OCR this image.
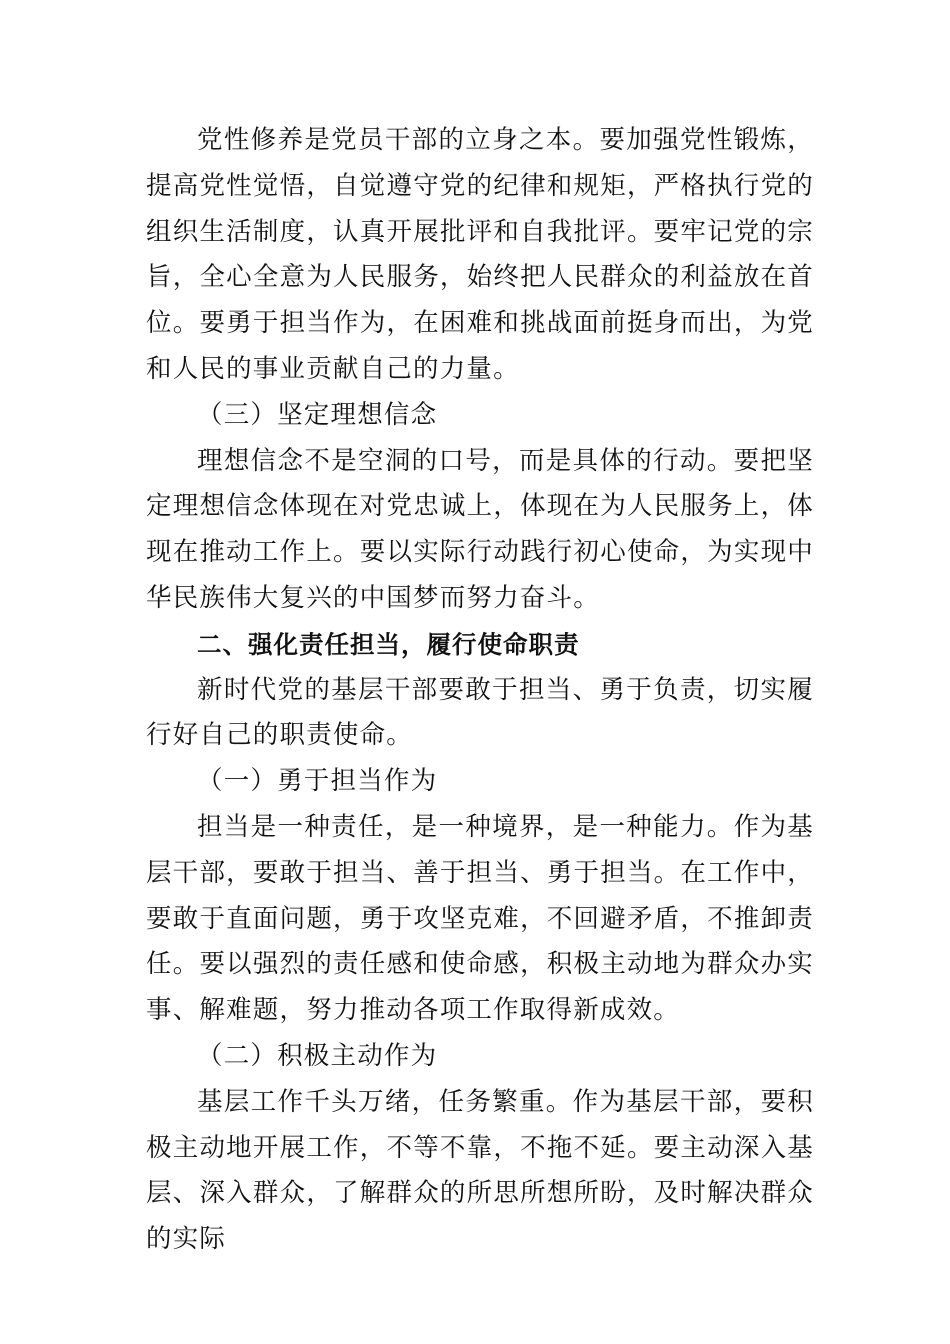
党性修养是党员干部的立身之本。要加强党性锻炼，提高党性觉悟，自觉遵守党的纪律和规矩，严格执行党的组织生活制度，认真开展批评和自我批评。要牢记党的宗旨，全心全意为人民服务，始终把人民群众的利益放在首位。要勇于担当作为，在困难和挑战面前挺身而出，为党和人民的事业贡献自己的力量。

（三）坚定理想信念

理想信念不是空洞的口号，而是具体的行动。要把坚定理想信念体现在对党忠诚上，体现在为人民服务上，体现在推动工作上。要以实际行动践行初心使命，为实现中华民族伟大复兴的中国梦而努力奋斗。

二、强化责任担当，履行使命职责

新时代党的基层干部要敢于担当、勇于负责，切实履行好自己的职责使命。

（一）勇于担当作为

担当是一种责任，是一种境界，是一种能力。作为基层干部，要敢于担当、善于担当、勇于担当。在工作中，要敢于直面问题，勇于攻坚克难，不回避矛盾，不推卸责任。要以强烈的责任感和使命感，积极主动地为群众办实事、解难题，努力推动各项工作取得新成效。

（二）积极主动作为

基层工作千头万绪，任务繁重。作为基层干部，要积极主动地开展工作，不等不靠，不拖不延。要主动深入基层、深入群众，了解群众的所思所想所盼，及时解决群众的实际
